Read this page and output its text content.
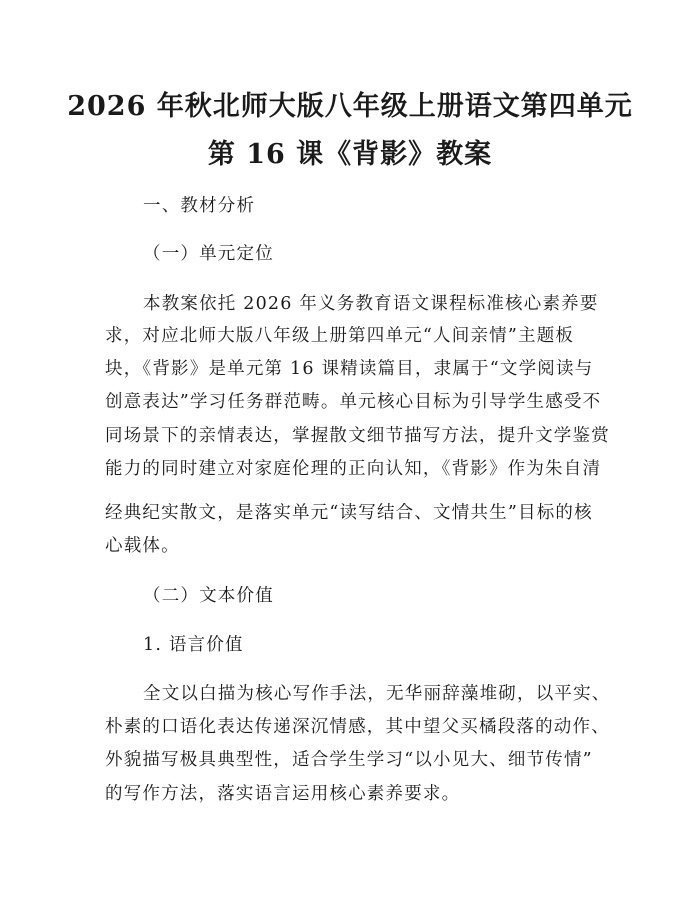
2026 年秋北师大版八年级上册语文第四单元
第 16 课《背影》教案
一、教材分析
（一）单元定位
本教案依托 2026 年义务教育语文课程标准核心素养要
求，对应北师大版八年级上册第四单元“人间亲情”主题板
块，《背影》是单元第 16 课精读篇目，隶属于“文学阅读与
创意表达”学习任务群范畴。单元核心目标为引导学生感受不
同场景下的亲情表达，掌握散文细节描写方法，提升文学鉴赏
能力的同时建立对家庭伦理的正向认知，《背影》作为朱自清
经典纪实散文，是落实单元“读写结合、文情共生”目标的核
心载体。
（二）文本价值
1. 语言价值
全文以白描为核心写作手法，无华丽辞藻堆砌，以平实、
朴素的口语化表达传递深沉情感，其中望父买橘段落的动作、
外貌描写极具典型性，适合学生学习“以小见大、细节传情”
的写作方法，落实语言运用核心素养要求。
